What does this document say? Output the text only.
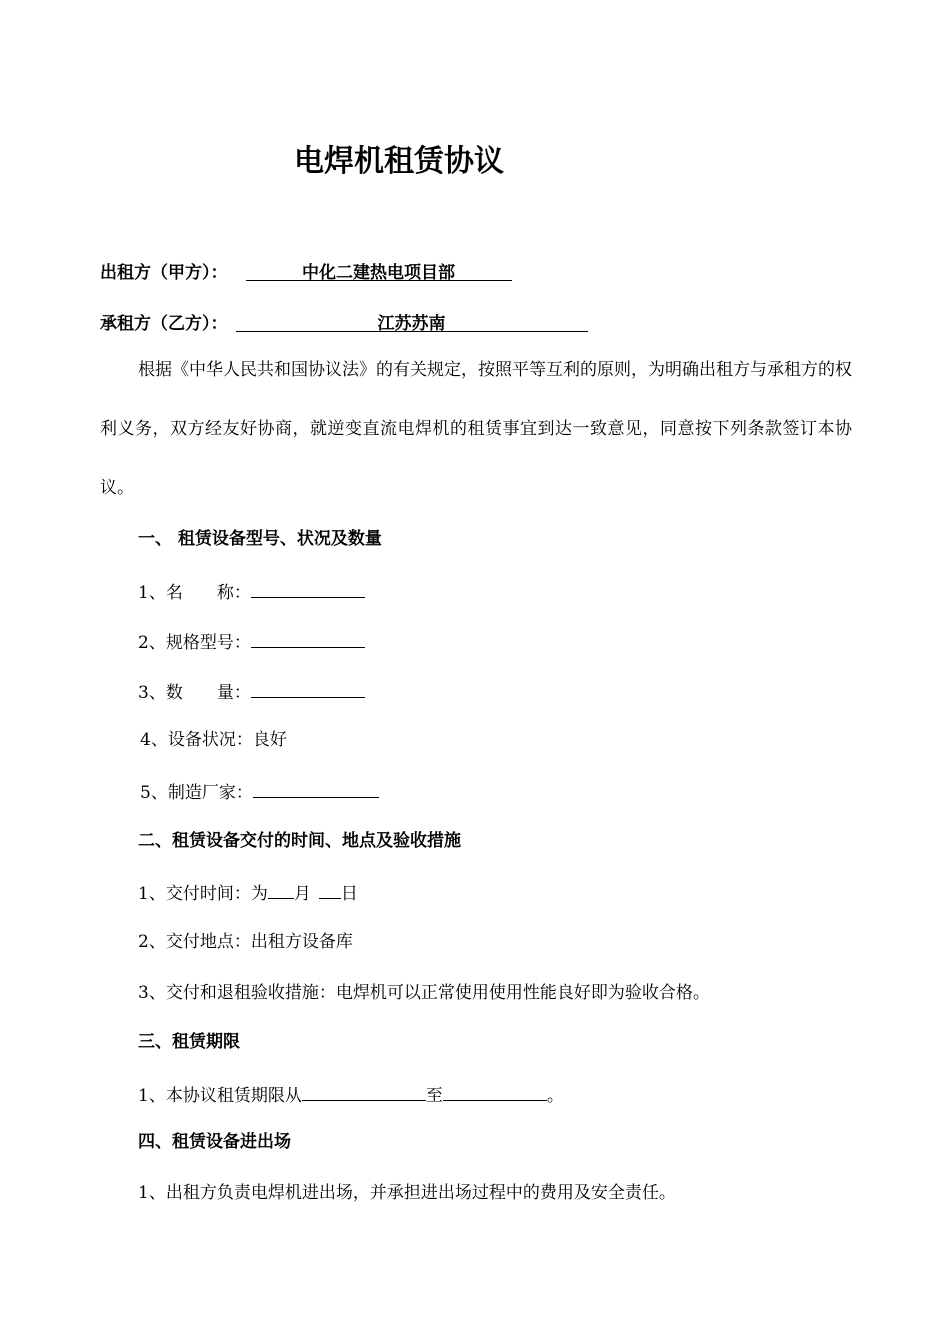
电焊机租赁协议
出租方（甲方）：	中化二建热电项目部
承租方（乙方）：	江苏苏南
根据《中华人民共和国协议法》的有关规定，按照平等互利的原则，为明确出租方与承租方的权利义务，双方经友好协商，就逆变直流电焊机的租赁事宜到达一致意见，同意按下列条款签订本协议。
一、 租赁设备型号、状况及数量
1、名　　称：
2、规格型号：
3、数　　量：
4、设备状况：良好
5、制造厂家：
二、租赁设备交付的时间、地点及验收措施
1、交付时间：为 月 日
2、交付地点：出租方设备库
3、交付和退租验收措施：电焊机可以正常使用使用性能良好即为验收合格。
三、租赁期限
1、本协议租赁期限从	至	。
四、租赁设备进出场
1、出租方负责电焊机进出场，并承担进出场过程中的费用及安全责任。
